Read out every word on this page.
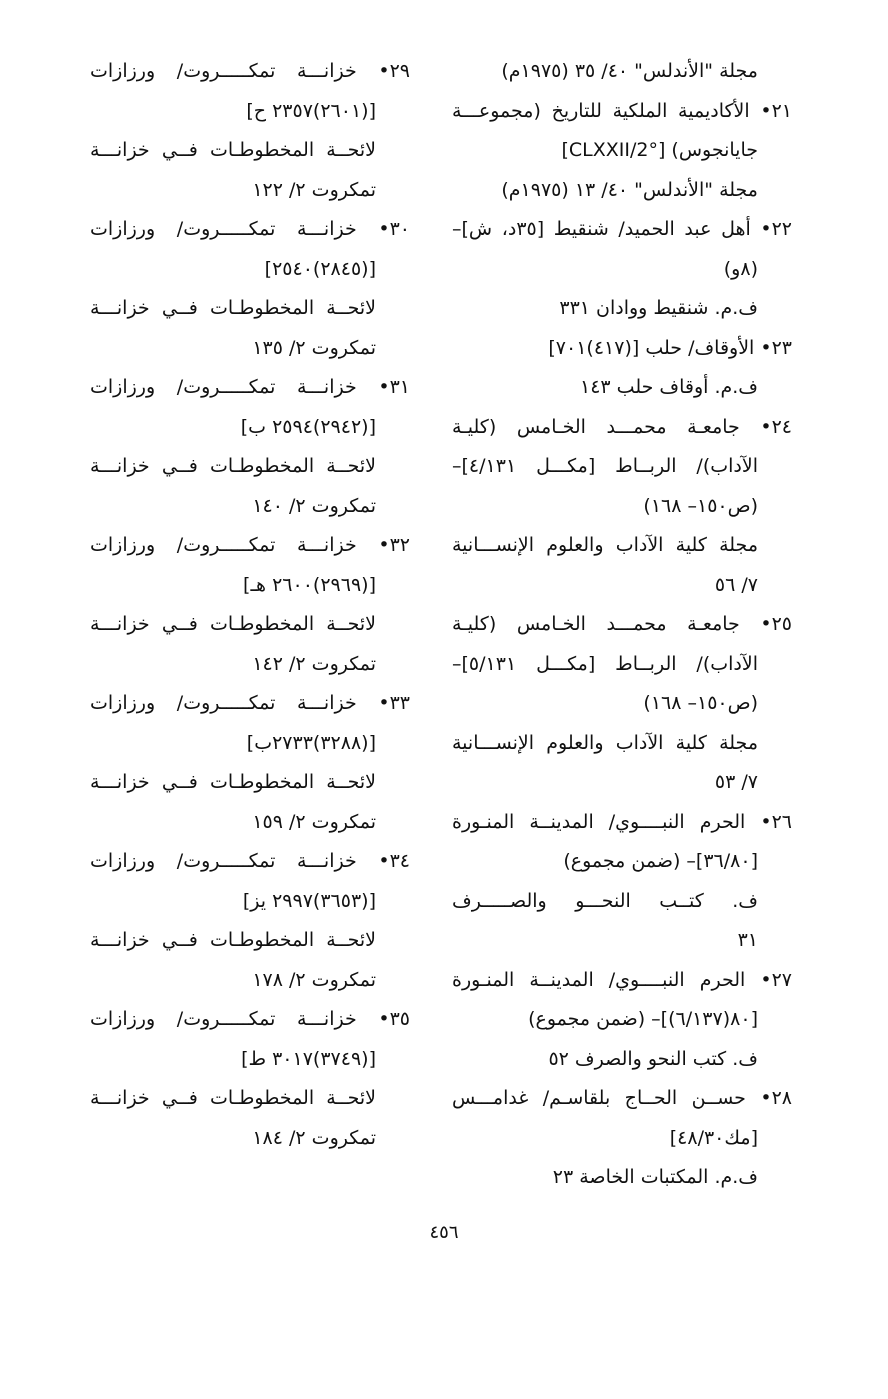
مجلة "الأندلس" ٤٠/ ٣٥ (١٩٧٥م)
٢١• الأكاديمية الملكية للتاريخ (مجموعـــة
جايانجوس) [CLXXII/2°]
مجلة "الأندلس" ٤٠/ ١٣ (١٩٧٥م)
٢٢• أهل عبد الحميد/ شنقيط [٣٥د، ش]–
(٨و)
ف.م. شنقيط ووادان ٣٣١
٢٣• الأوقاف/ حلب [(٤١٧)٧٠١]
ف.م. أوقاف حلب ١٤٣
٢٤• جامعـة محمـــد الخـامس (كليـة
الآداب)/ الربــاط [مكـــل ٤/١٣١]–
(ص١٥٠– ١٦٨)
مجلة كلية الآداب والعلوم الإنســـانية
٧/ ٥٦
٢٥• جامعـة محمـــد الخـامس (كليـة
الآداب)/ الربــاط [مكـــل ٥/١٣١]–
(ص١٥٠– ١٦٨)
مجلة كلية الآداب والعلوم الإنســـانية
٧/ ٥٣
٢٦• الحرم النبــــوي/ المدينــة المنـورة
[٣٦/٨٠]– (ضمن مجموع)
ف. كتــب النحـــو والصـــــرف
٣١
٢٧• الحرم النبــــوي/ المدينــة المنـورة
[٨٠(٦/١٣٧)]– (ضمن مجموع)
ف. كتب النحو والصرف ٥٢
٢٨• حســن الحــاج بلقاسـم/ غدامـــس
[مك٤٨/٣٠]
ف.م. المكتبات الخاصة ٢٣
٢٩• خزانـــة تمكـــــروت/ ورزازات
[(٢٦٠١)٢٣٥٧ ح]
لائحــة المخطوطـات فــي خزانـــة
تمكروت ٢/ ١٢٢
٣٠• خزانـــة تمكـــــروت/ ورزازات
[(٢٨٤٥)٢٥٤٠]
لائحــة المخطوطـات فــي خزانـــة
تمكروت ٢/ ١٣٥
٣١• خزانـــة تمكـــــروت/ ورزازات
[(٢٩٤٢)٢٥٩٤ ب]
لائحــة المخطوطـات فــي خزانـــة
تمكروت ٢/ ١٤٠
٣٢• خزانـــة تمكـــــروت/ ورزازات
[(٢٩٦٩)٢٦٠٠ هـ]
لائحــة المخطوطـات فــي خزانـــة
تمكروت ٢/ ١٤٢
٣٣• خزانـــة تمكـــــروت/ ورزازات
[(٣٢٨٨)٢٧٣٣ب]
لائحــة المخطوطـات فــي خزانـــة
تمكروت ٢/ ١٥٩
٣٤• خزانـــة تمكـــــروت/ ورزازات
[(٣٦٥٣)٢٩٩٧ يز]
لائحــة المخطوطـات فــي خزانـــة
تمكروت ٢/ ١٧٨
٣٥• خزانـــة تمكـــــروت/ ورزازات
[(٣٧٤٩)٣٠١٧ ط]
لائحــة المخطوطـات فــي خزانـــة
تمكروت ٢/ ١٨٤
٤٥٦
